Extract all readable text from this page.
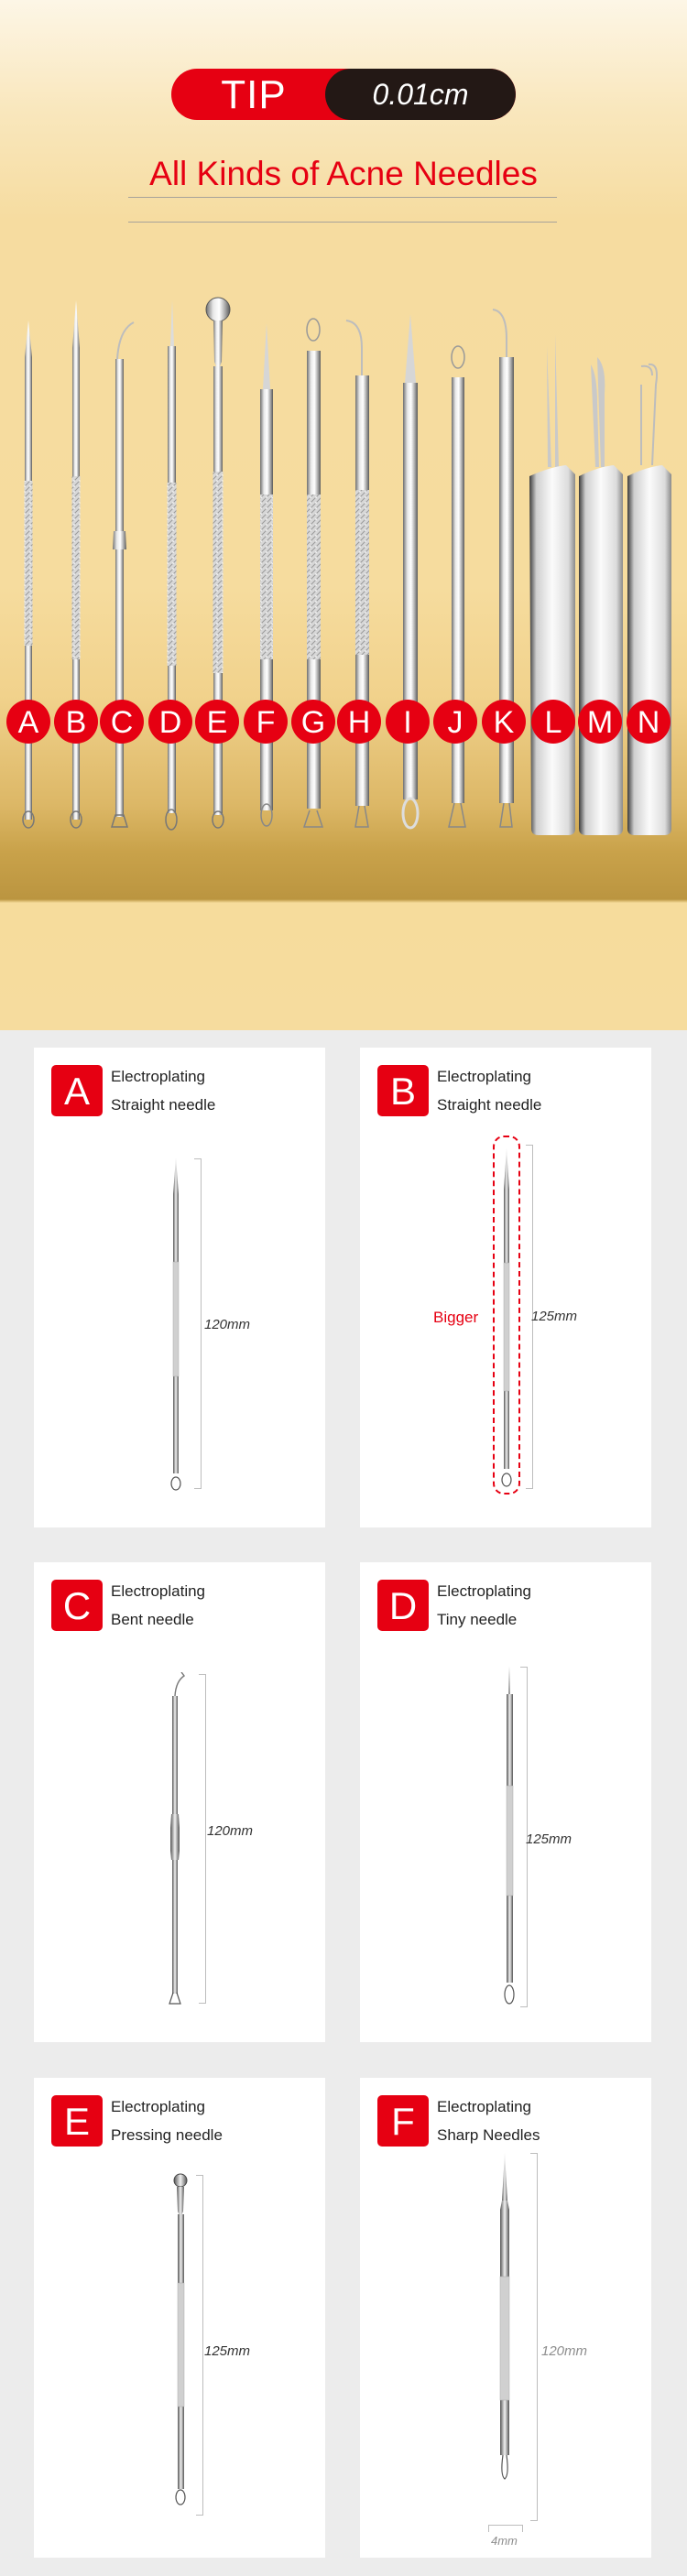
TIP	0.01cm
All Kinds of Acne Needles
A B C D E F G H	I	J K L M N
A	Electroplating
Straight needle
120mm
B	Electroplating
Straight needle
125mm
Bigger
C	Electroplating
Bent needle
120mm
D	Electroplating
Tiny needle
125mm
E	Electroplating
Pressing needle
125mm
F	Electroplating
Sharp Needles
120mm
4mm
